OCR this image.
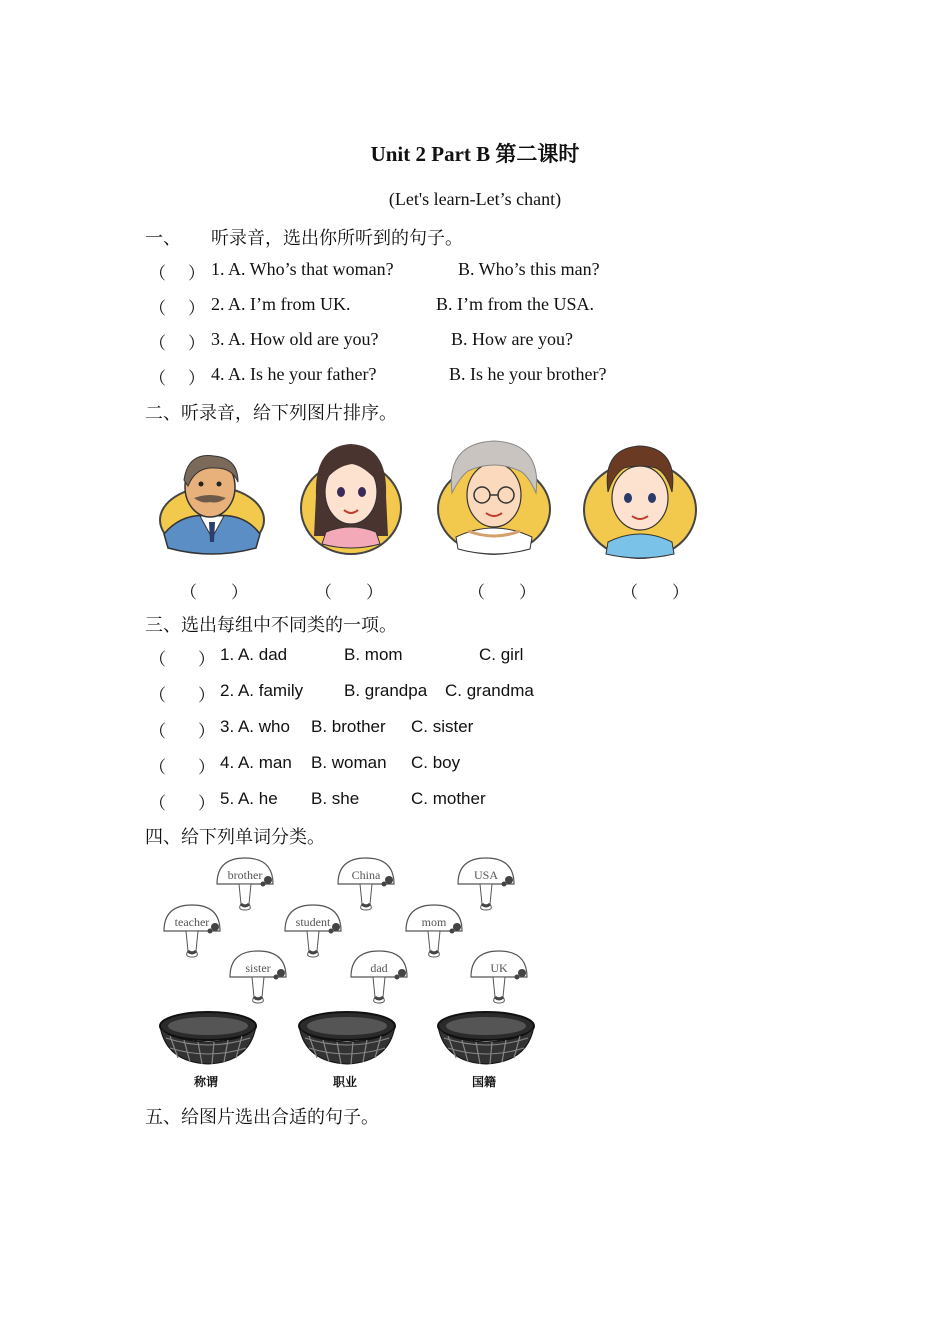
Unit 2 Part B 第二课时
(Let's learn-Let’s chant)
一、 听录音，选出你所听到的句子。
（ ） 1. A. Who’s that woman?	B. Who’s this man?
（ ） 2. A. I’m from UK.	B. I’m from the USA.
（ ） 3. A. How old are you?	B. How are you?
（ ） 4. A. Is he your father?	B. Is he your brother?
二、听录音，给下列图片排序。
（　　）	（　　）	（　　）	（　　）
三、选出每组中不同类的一项。
（ ） 1. A. dad	B. mom	C. girl
（ ） 2. A. family B. grandpa C. grandma
（ ） 3. A. who B. brother C. sister
（ ） 4. A. man B. woman C. boy
（ ） 5. A. he B. she	C. mother
四、给下列单词分类。
brother	China	USA
teacher	student	mom
sister	dad	UK
称谓	职业	国籍
五、给图片选出合适的句子。
